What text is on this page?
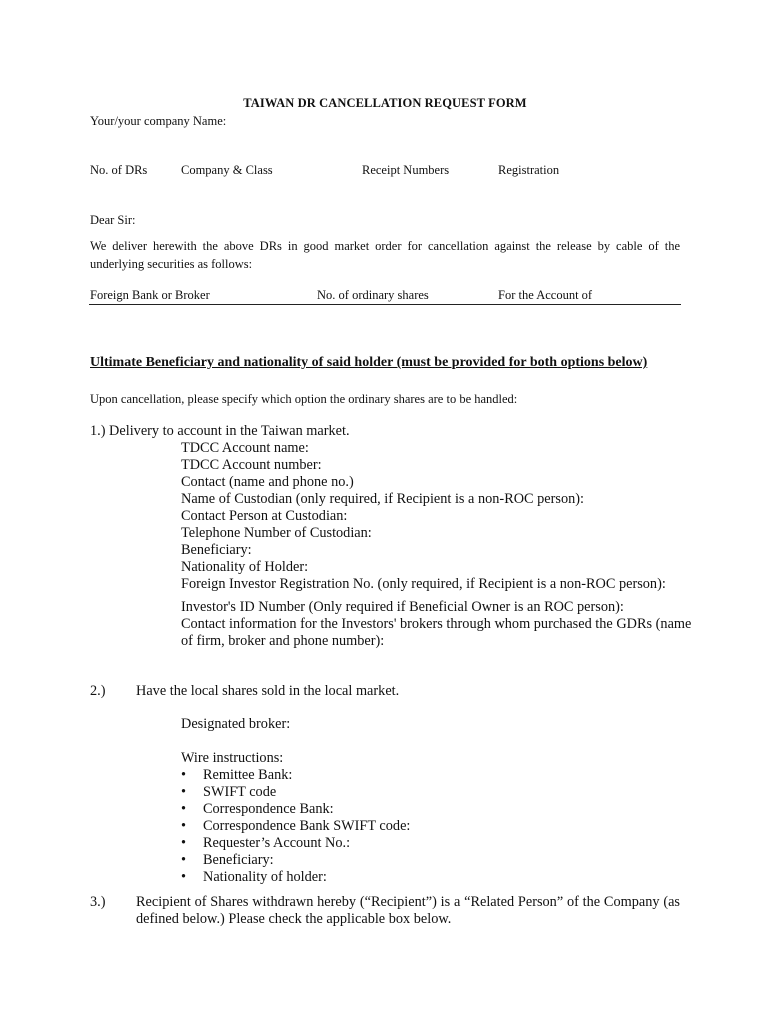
TAIWAN DR CANCELLATION REQUEST FORM
Your/your company Name:
No. of DRs	Company & Class	Receipt Numbers	Registration
Dear Sir:
We deliver herewith the above DRs in good market order for cancellation against the release by cable of the underlying securities as follows:
Foreign Bank or Broker	No. of ordinary shares	For the Account of
Ultimate Beneficiary and nationality of said holder (must be provided for both options below)
Upon cancellation, please specify which option the ordinary shares are to be handled:
1.) Delivery to account in the Taiwan market.
TDCC Account name:
TDCC Account number:
Contact (name and phone no.)
Name of Custodian (only required, if Recipient is a non-ROC person):
Contact Person at Custodian:
Telephone Number of Custodian:
Beneficiary:
Nationality of Holder:
Foreign Investor Registration No. (only required, if Recipient is a non-ROC person):
Investor's ID Number (Only required if Beneficial Owner is an ROC person):
Contact information for the Investors' brokers through whom purchased the GDRs (name
of firm, broker and phone number):
2.) Have the local shares sold in the local market.
Designated broker:
Wire instructions:
• Remittee Bank:
• SWIFT code
• Correspondence Bank:
• Correspondence Bank SWIFT code:
• Requester’s Account No.:
• Beneficiary:
• Nationality of holder:
3.) Recipient of Shares withdrawn hereby (“Recipient”) is a “Related Person” of the Company (as defined below.) Please check the applicable box below.
